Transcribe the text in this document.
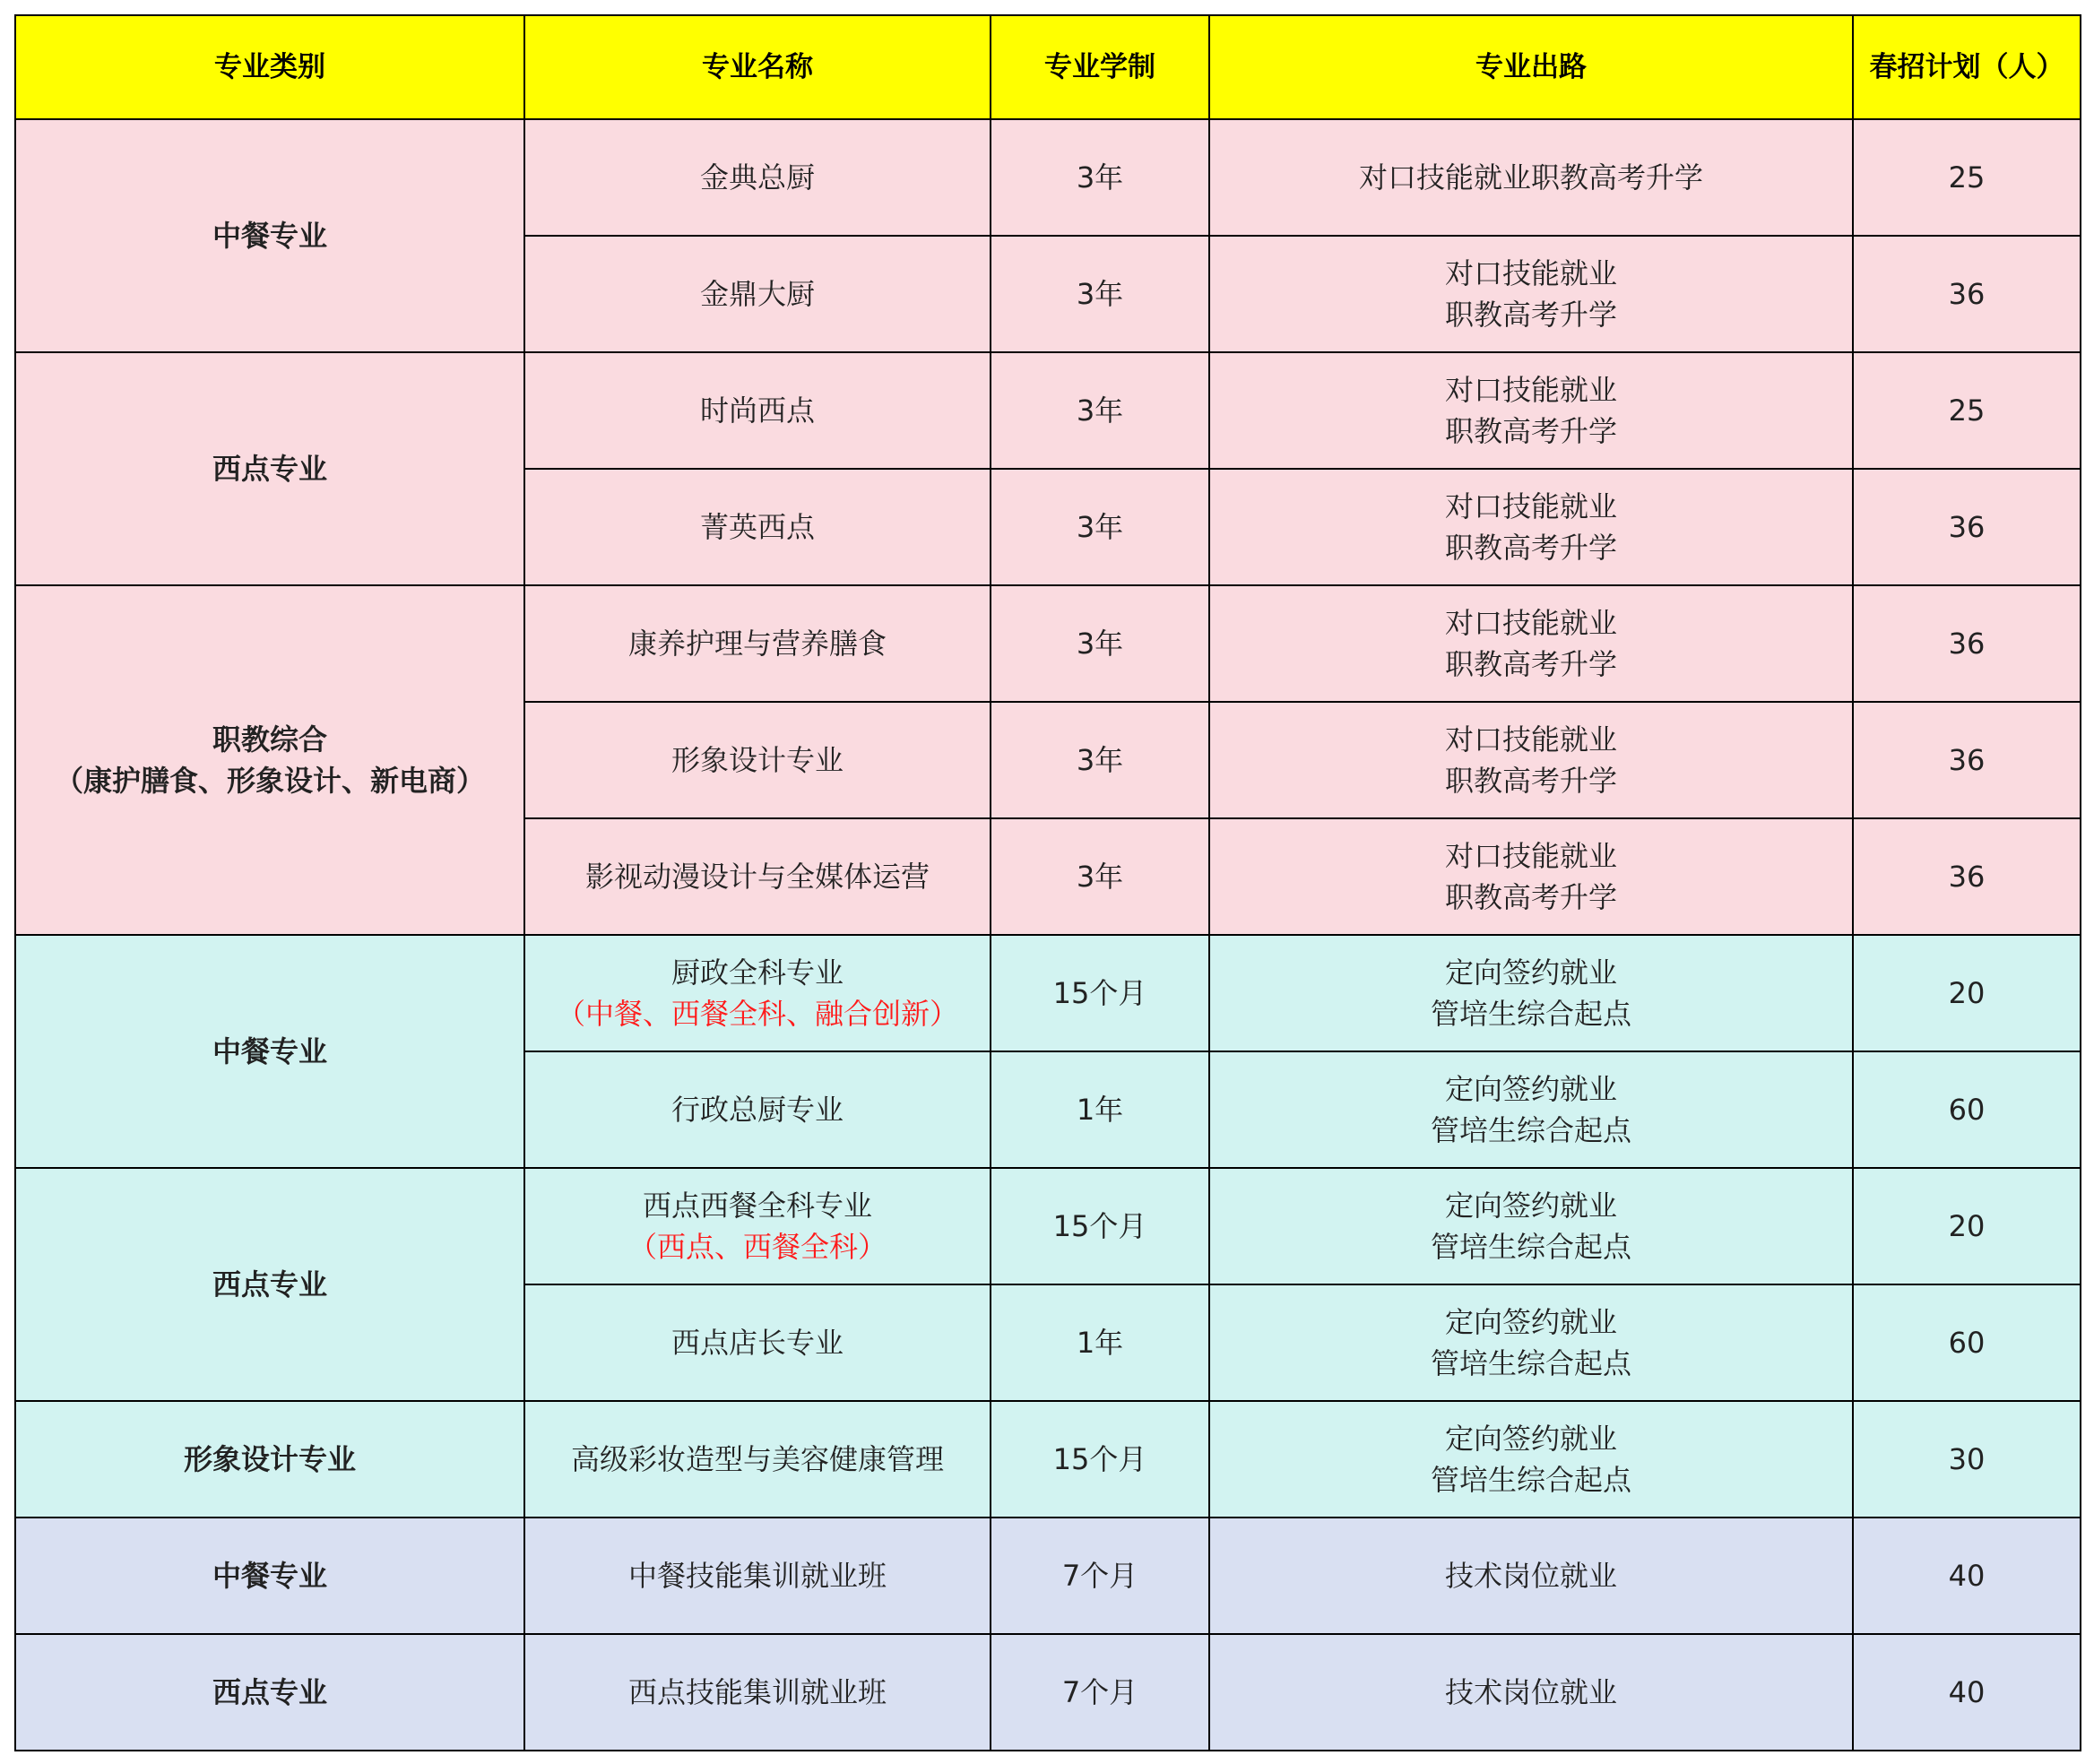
专业类别	专业名称	专业学制	专业出路	春招计划（人）

中餐专业	金典总厨	3年	对口技能就业职教高考升学	25

	金鼎大厨	3年	对口技能就业
职教高考升学	36

西点专业	时尚西点	3年	对口技能就业
职教高考升学	25

	菁英西点	3年	对口技能就业
职教高考升学	36

职教综合
（康护膳食、形象设计、新电商）	康养护理与营养膳食	3年	对口技能就业
职教高考升学	36

	形象设计专业	3年	对口技能就业
职教高考升学	36

	影视动漫设计与全媒体运营	3年	对口技能就业
职教高考升学	36

中餐专业	厨政全科专业
（中餐、西餐全科、融合创新）	15个月	定向签约就业
管培生综合起点	20

	行政总厨专业	1年	定向签约就业
管培生综合起点	60

西点专业	西点西餐全科专业
（西点、西餐全科）	15个月	定向签约就业
管培生综合起点	20

	西点店长专业	1年	定向签约就业
管培生综合起点	60

形象设计专业	高级彩妆造型与美容健康管理	15个月	定向签约就业
管培生综合起点	30

中餐专业	中餐技能集训就业班	7个月	技术岗位就业	40

西点专业	西点技能集训就业班	7个月	技术岗位就业	40
